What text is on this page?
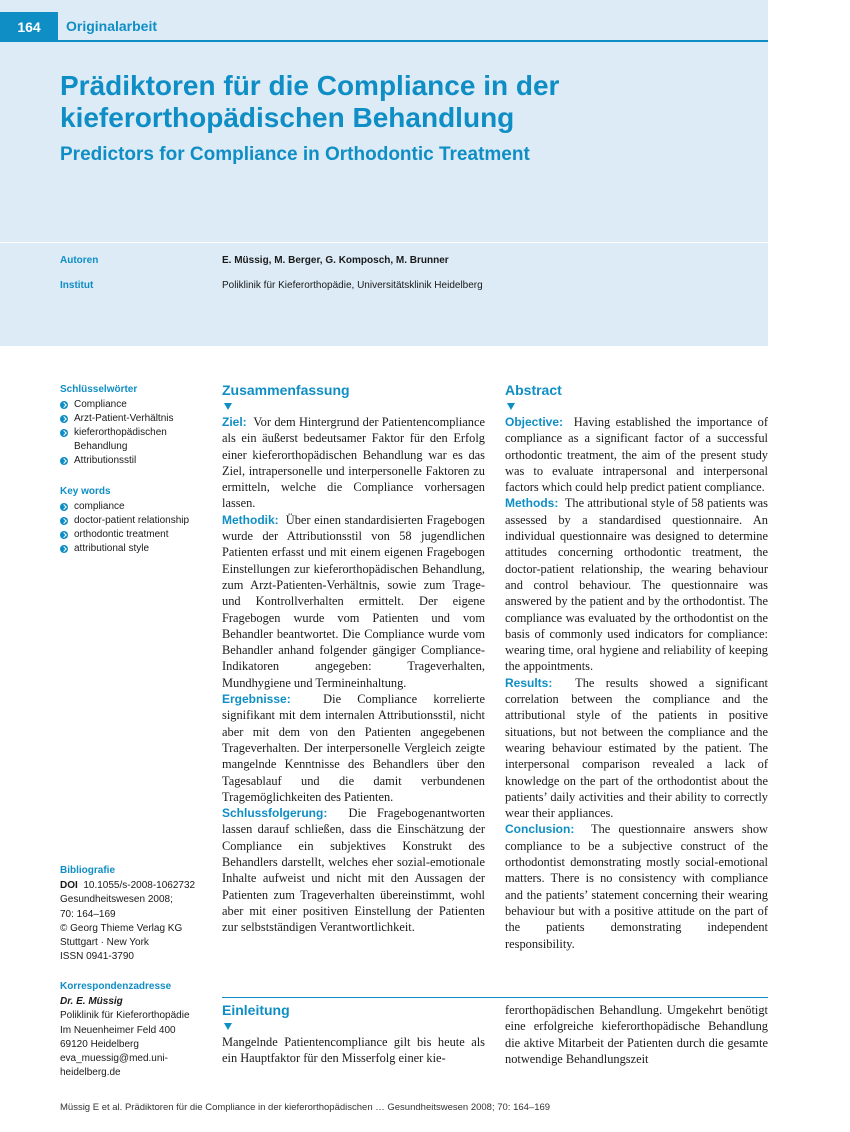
164	Originalarbeit
Prädiktoren für die Compliance in der kieferorthopädischen Behandlung
Predictors for Compliance in Orthodontic Treatment
Autoren	E. Müssig, M. Berger, G. Komposch, M. Brunner
Institut	Poliklinik für Kieferorthopädie, Universitätsklinik Heidelberg
Schlüsselwörter
Compliance
Arzt-Patient-Verhältnis
kieferorthopädischen Behandlung
Attributionsstil
Key words
compliance
doctor-patient relationship
orthodontic treatment
attributional style
Bibliografie
DOI 10.1055/s-2008-1062732
Gesundheitswesen 2008;
70: 164–169
© Georg Thieme Verlag KG
Stuttgart · New York
ISSN 0941-3790
Korrespondenzadresse
Dr. E. Müssig
Poliklinik für Kieferorthopädie
Im Neuenheimer Feld 400
69120 Heidelberg
eva_muessig@med.uni-
heidelberg.de
Zusammenfassung

Ziel: Vor dem Hintergrund der Patientencompliance als ein äußerst bedeutsamer Faktor für den Erfolg einer kieferorthopädischen Behandlung war es das Ziel, intrapersonelle und interpersonelle Faktoren zu ermitteln, welche die Compliance vorhersagen lassen.

Methodik: Über einen standardisierten Fragebogen wurde der Attributionsstil von 58 jugendlichen Patienten erfasst und mit einem eigenen Fragebogen Einstellungen zur kieferorthopädischen Behandlung, zum Arzt-Patienten-Verhältnis, sowie zum Trage- und Kontrollverhalten ermittelt. Der eigene Fragebogen wurde vom Patienten und vom Behandler beantwortet. Die Compliance wurde vom Behandler anhand folgender gängiger Compliance-Indikatoren angegeben: Trageverhalten, Mundhygiene und Termineinhaltung.

Ergebnisse:	Die Compliance korrelierte signifikant mit dem internalen Attributionsstil, nicht aber mit dem von den Patienten angegebenen Trageverhalten. Der interpersonelle Vergleich zeigte mangelnde Kenntnisse des Behandlers über den Tagesablauf und die damit verbundenen Tragemöglichkeiten des Patienten.

Schlussfolgerung: Die Fragebogenantworten lassen darauf schließen, dass die Einschätzung der Compliance ein subjektives Konstrukt des Behandlers darstellt, welches eher sozial-emotionale Inhalte aufweist und nicht mit den Aussagen der Patienten zum Trageverhalten übereinstimmt, wohl aber mit einer positiven Einstellung der Patienten zur selbstständigen Verantwortlichkeit.

Abstract

Objective: Having established the importance of compliance as a significant factor of a successful orthodontic treatment, the aim of the present study was to evaluate intrapersonal and interpersonal factors which could help predict patient compliance.

Methods: The attributional style of 58 patients was assessed by a standardised questionnaire. An individual questionnaire was designed to determine attitudes concerning orthodontic treatment, the doctor-patient relationship, the wearing behaviour and control behaviour. The questionnaire was answered by the patient and by the orthodontist. The compliance was evaluated by the orthodontist on the basis of commonly used indicators for compliance: wearing time, oral hygiene and reliability of keeping the appointments.

Results: The results showed a significant correlation between the compliance and the attributional style of the patients in positive situations, but not between the compliance and the wearing behaviour estimated by the patient. The interpersonal comparison revealed a lack of knowledge on the part of the orthodontist about the patients’ daily activities and their ability to correctly wear their appliances.

Conclusion: The questionnaire answers show compliance to be a subjective construct of the orthodontist demonstrating mostly social-emotional matters. There is no consistency with compliance and the patients’ statement concerning their wearing behaviour but with a positive attitude on the part of the patients demonstrating independent responsibility.

Einleitung

Mangelnde Patientencompliance gilt bis heute als ein Hauptfaktor für den Misserfolg einer kie-

ferorthopädischen Behandlung. Umgekehrt benötigt eine erfolgreiche kieferorthopädische Behandlung die aktive Mitarbeit der Patienten durch die gesamte notwendige Behandlungszeit

Müssig E et al. Prädiktoren für die Compliance in der kieferorthopädischen … Gesundheitswesen 2008; 70: 164–169
